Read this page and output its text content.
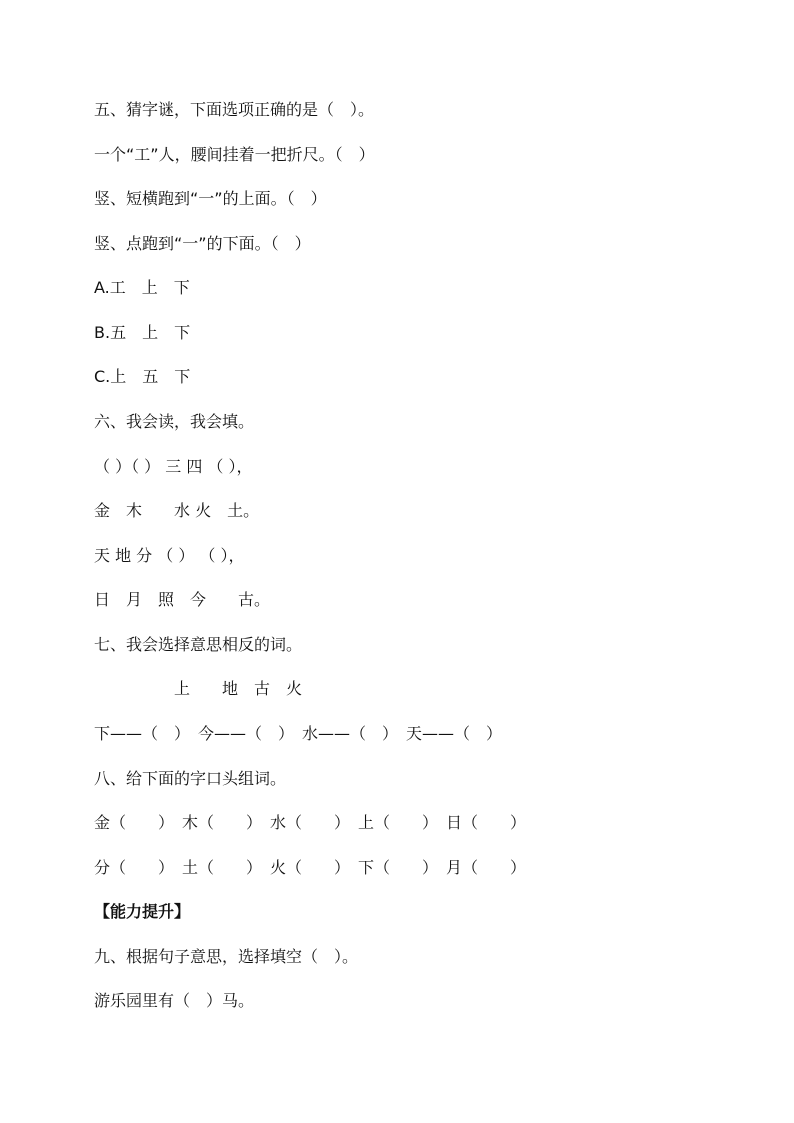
五、猜字谜，下面选项正确的是（　）。
一个“工”人，腰间挂着一把折尺。（　）
竖、短横跑到“一”的上面。（　）
竖、点跑到“一”的下面。（　）
A.工　上　下
B.五　上　下
C.上　五　下
六、我会读，我会填。
（ ）（ ） 三 四 （ ），
金　木　　水 火　土。
天 地 分 （ ） （ ），
日　月　照　今　　古。
七、我会选择意思相反的词。
上　　地　古　火
下——（　）　今——（　）　水——（　）　天——（　）
八、给下面的字口头组词。
金（　　）　木（　　）　水（　　）　上（　　）　日（　　）
分（　　）　土（　　）　火（　　）　下（　　）　月（　　）
【能力提升】
九、根据句子意思，选择填空（　）。
游乐园里有（　）马。
